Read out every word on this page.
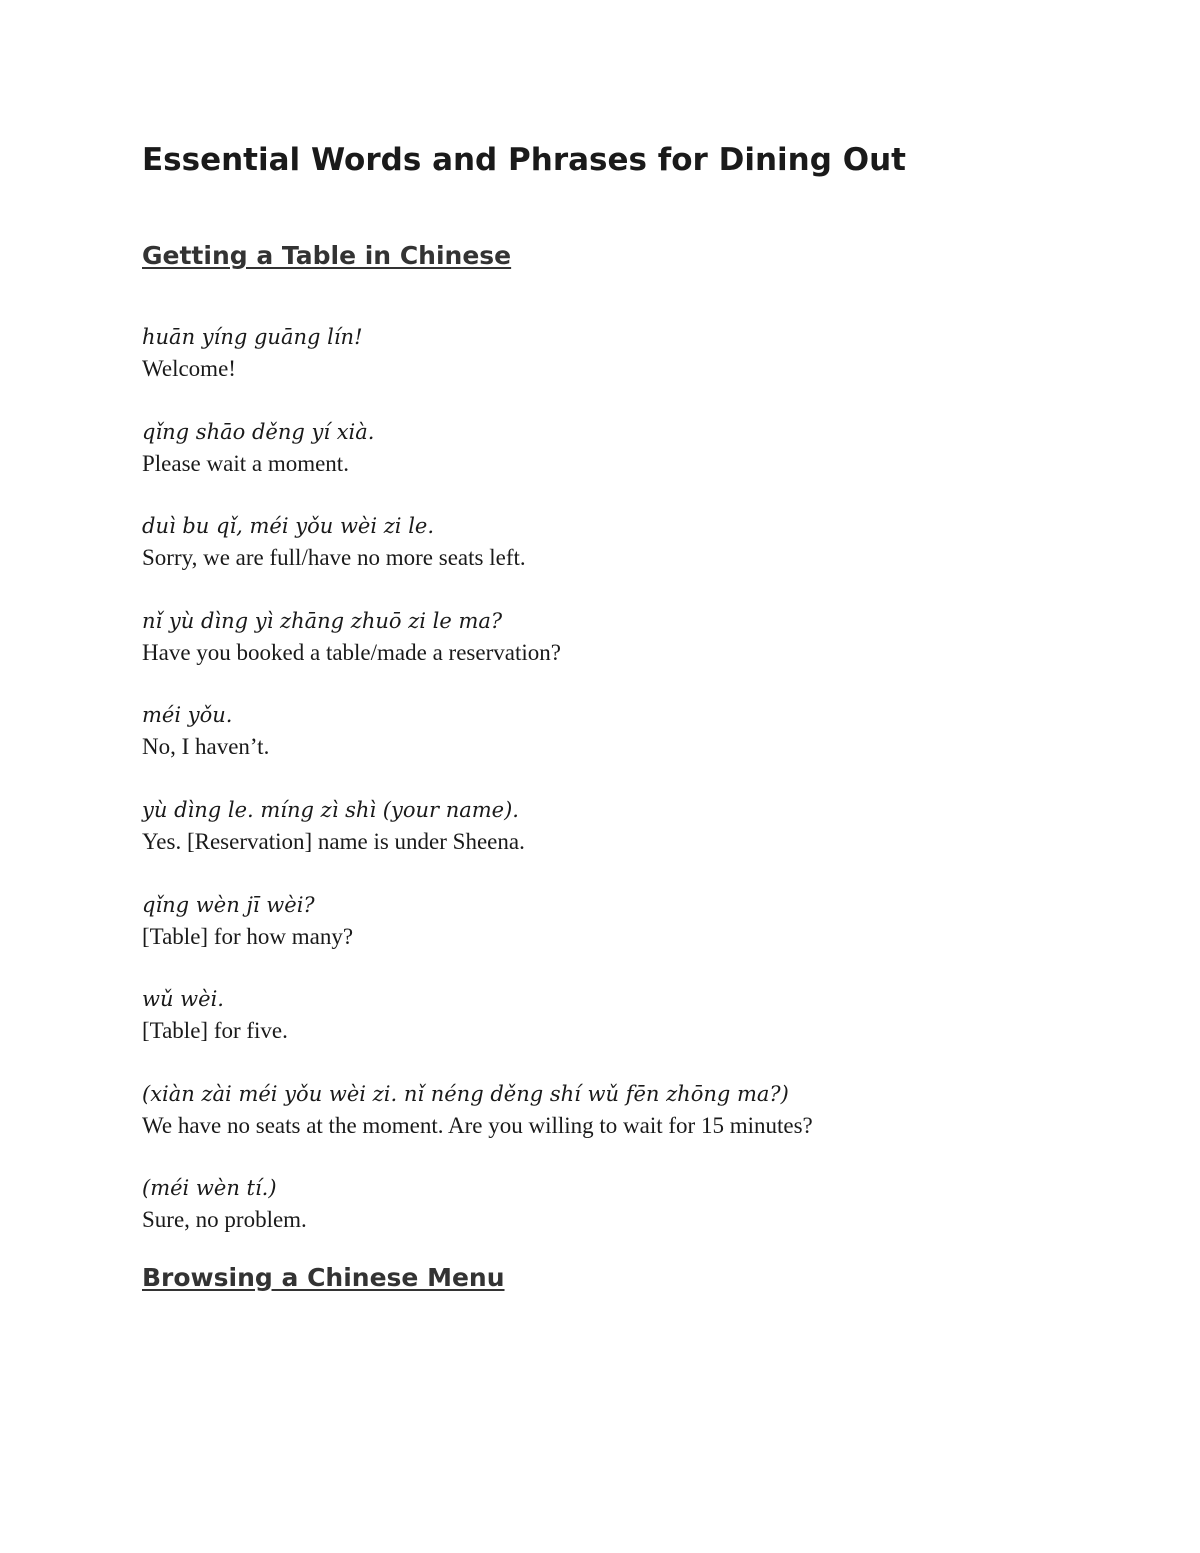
Essential Words and Phrases for Dining Out
Getting a Table in Chinese
huān yíng guāng lín!
Welcome!
qǐng shāo děng yí xià.
Please wait a moment.
duì bu qǐ, méi yǒu wèi zi le.
Sorry, we are full/have no more seats left.
nǐ yù dìng yì zhāng zhuō zi le ma?
Have you booked a table/made a reservation?
méi yǒu.
No, I haven’t.
yù dìng le. míng zì shì (your name).
Yes. [Reservation] name is under Sheena.
qǐng wèn jī wèi?
[Table] for how many?
wǔ wèi.
[Table] for five.
(xiàn zài méi yǒu wèi zi. nǐ néng děng shí wǔ fēn zhōng ma?)
We have no seats at the moment. Are you willing to wait for 15 minutes?
(méi wèn tí.)
Sure, no problem.
Browsing a Chinese Menu
